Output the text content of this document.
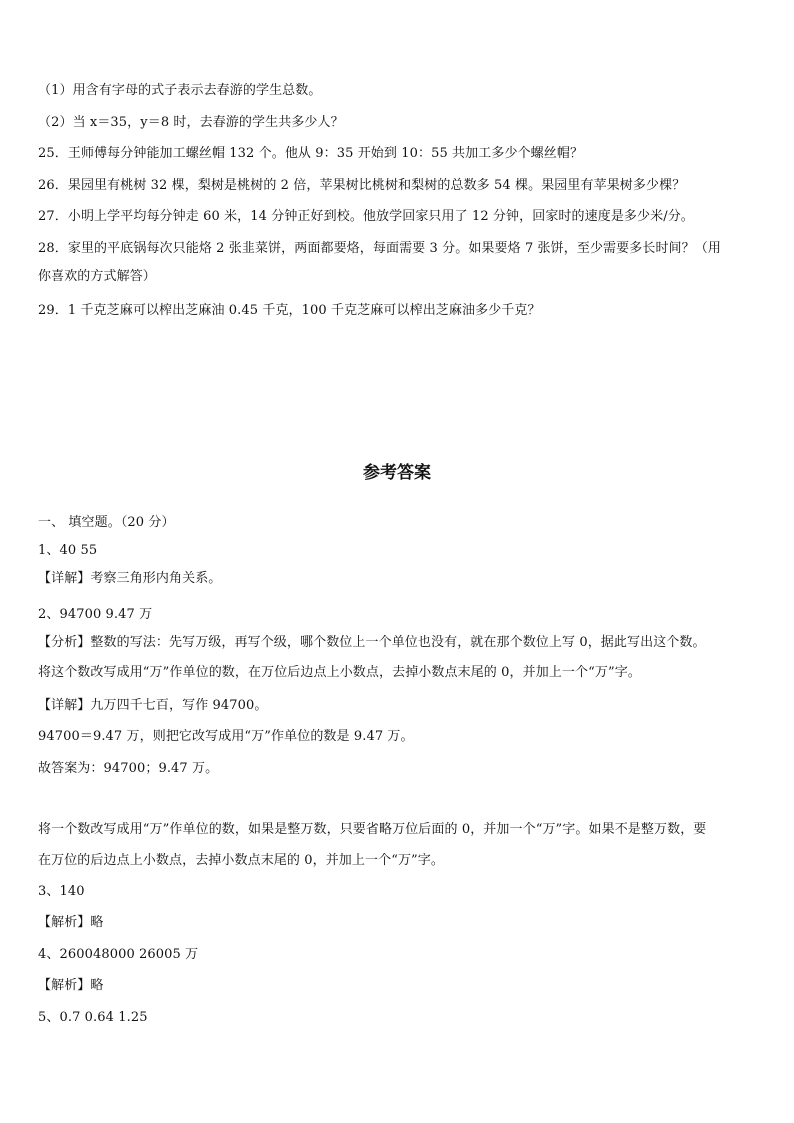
（1）用含有字母的式子表示去春游的学生总数。
（2）当 x＝35，y＝8 时，去春游的学生共多少人？
25．王师傅每分钟能加工螺丝帽 132 个。他从 9：35 开始到 10：55 共加工多少个螺丝帽？
26．果园里有桃树 32 棵，梨树是桃树的 2 倍，苹果树比桃树和梨树的总数多 54 棵。果园里有苹果树多少棵？
27．小明上学平均每分钟走 60 米，14 分钟正好到校。他放学回家只用了 12 分钟，回家时的速度是多少米/分。
28．家里的平底锅每次只能烙 2 张韭菜饼，两面都要烙，每面需要 3 分。如果要烙 7 张饼，至少需要多长时间？（用
你喜欢的方式解答）
29．1 千克芝麻可以榨出芝麻油 0.45 千克，100 千克芝麻可以榨出芝麻油多少千克？
参考答案
一、 填空题。（20 分）
1、40 55
【详解】考察三角形内角关系。
2、94700 9.47 万
【分析】整数的写法：先写万级，再写个级，哪个数位上一个单位也没有，就在那个数位上写 0，据此写出这个数。
将这个数改写成用“万”作单位的数，在万位后边点上小数点，去掉小数点末尾的 0，并加上一个“万”字。
【详解】九万四千七百，写作 94700。
94700＝9.47 万，则把它改写成用“万”作单位的数是 9.47 万。
故答案为：94700；9.47 万。
将一个数改写成用“万”作单位的数，如果是整万数，只要省略万位后面的 0，并加一个“万”字。如果不是整万数，要
在万位的后边点上小数点，去掉小数点末尾的 0，并加上一个“万”字。
3、140
【解析】略
4、260048000 26005 万
【解析】略
5、0.7 0.64 1.25
